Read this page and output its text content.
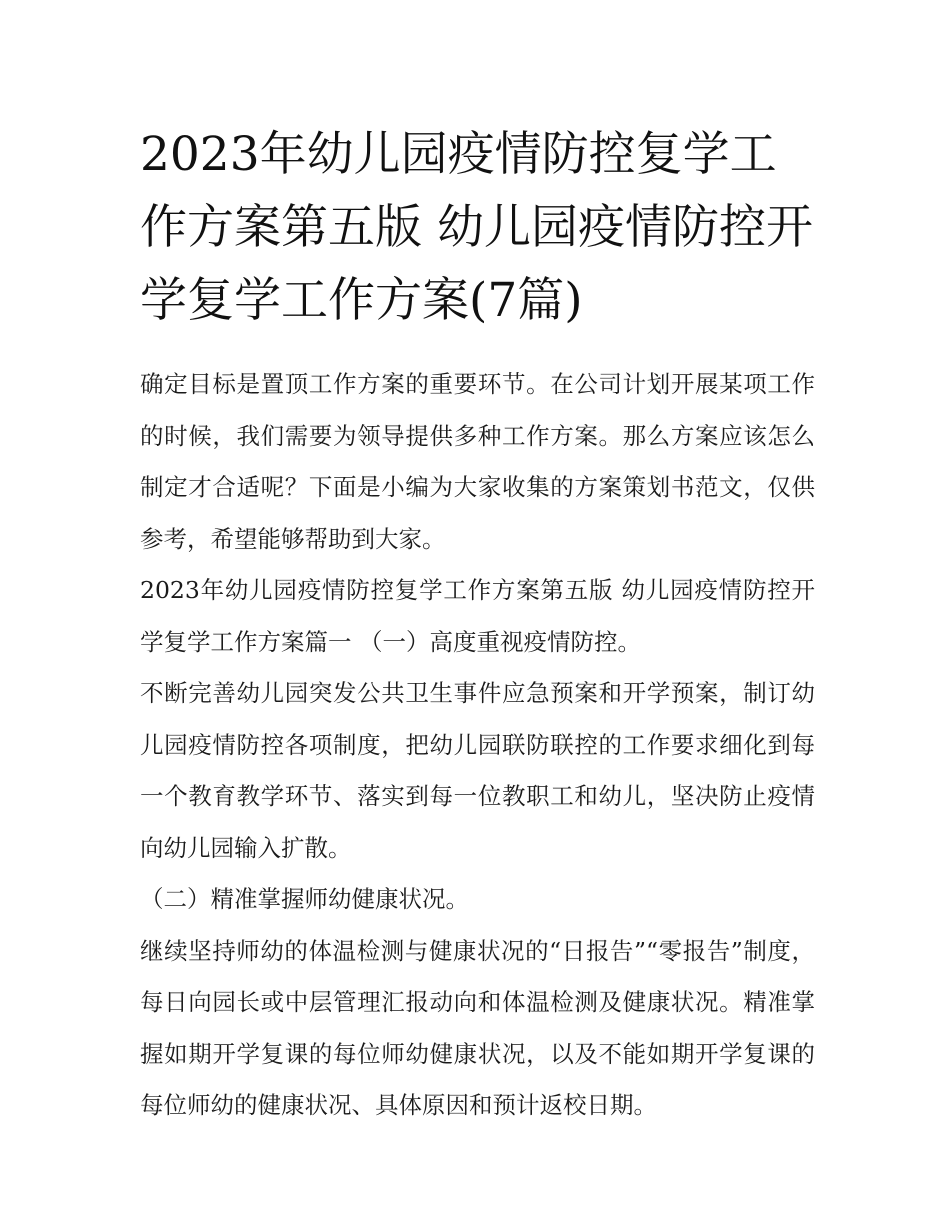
2023年幼儿园疫情防控复学工作方案第五版 幼儿园疫情防控开学复学工作方案(7篇)

确定目标是置顶工作方案的重要环节。在公司计划开展某项工作的时候，我们需要为领导提供多种工作方案。那么方案应该怎么制定才合适呢？下面是小编为大家收集的方案策划书范文，仅供参考，希望能够帮助到大家。

2023年幼儿园疫情防控复学工作方案第五版 幼儿园疫情防控开学复学工作方案篇一 （一）高度重视疫情防控。

不断完善幼儿园突发公共卫生事件应急预案和开学预案，制订幼儿园疫情防控各项制度，把幼儿园联防联控的工作要求细化到每一个教育教学环节、落实到每一位教职工和幼儿，坚决防止疫情向幼儿园输入扩散。

（二）精准掌握师幼健康状况。

继续坚持师幼的体温检测与健康状况的“日报告”“零报告”制度，每日向园长或中层管理汇报动向和体温检测及健康状况。精准掌握如期开学复课的每位师幼健康状况，以及不能如期开学复课的每位师幼的健康状况、具体原因和预计返校日期。
